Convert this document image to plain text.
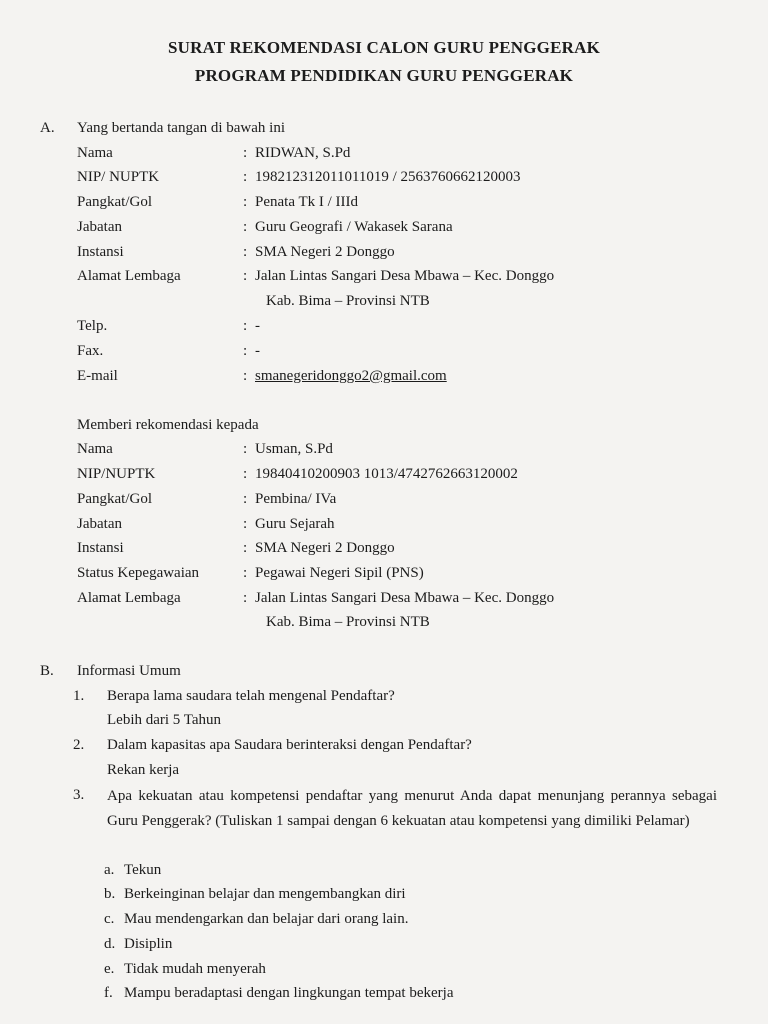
SURAT REKOMENDASI CALON GURU PENGGERAK
PROGRAM PENDIDIKAN GURU PENGGERAK
A. Yang bertanda tangan di bawah ini
Nama	: RIDWAN, S.Pd
NIP/ NUPTK	: 198212312011011019 / 2563760662120003
Pangkat/Gol	: Penata Tk I / IIId
Jabatan	: Guru Geografi / Wakasek Sarana
Instansi	: SMA Negeri 2 Donggo
Alamat Lembaga	: Jalan Lintas Sangari Desa Mbawa – Kec. Donggo
Kab. Bima – Provinsi NTB
Telp.	: -
Fax.	: -
E-mail	: smanegeridonggo2@gmail.com
Memberi rekomendasi kepada
Nama	: Usman, S.Pd
NIP/NUPTK	: 19840410200903 1013/4742762663120002
Pangkat/Gol	: Pembina/ IVa
Jabatan	: Guru Sejarah
Instansi	: SMA Negeri 2 Donggo
Status Kepegawaian	: Pegawai Negeri Sipil (PNS)
Alamat Lembaga	: Jalan Lintas Sangari Desa Mbawa – Kec. Donggo
Kab. Bima – Provinsi NTB
B. Informasi Umum
1. Berapa lama saudara telah mengenal Pendaftar?
Lebih dari 5 Tahun
2. Dalam kapasitas apa Saudara berinteraksi dengan Pendaftar?
Rekan kerja
3. Apa kekuatan atau kompetensi pendaftar yang menurut Anda dapat menunjang perannya sebagai Guru Penggerak? (Tuliskan 1 sampai dengan 6 kekuatan atau kompetensi yang dimiliki Pelamar)
a. Tekun
b. Berkeinginan belajar dan mengembangkan diri
c. Mau mendengarkan dan belajar dari orang lain.
d. Disiplin
e. Tidak mudah menyerah
f. Mampu beradaptasi dengan lingkungan tempat bekerja
